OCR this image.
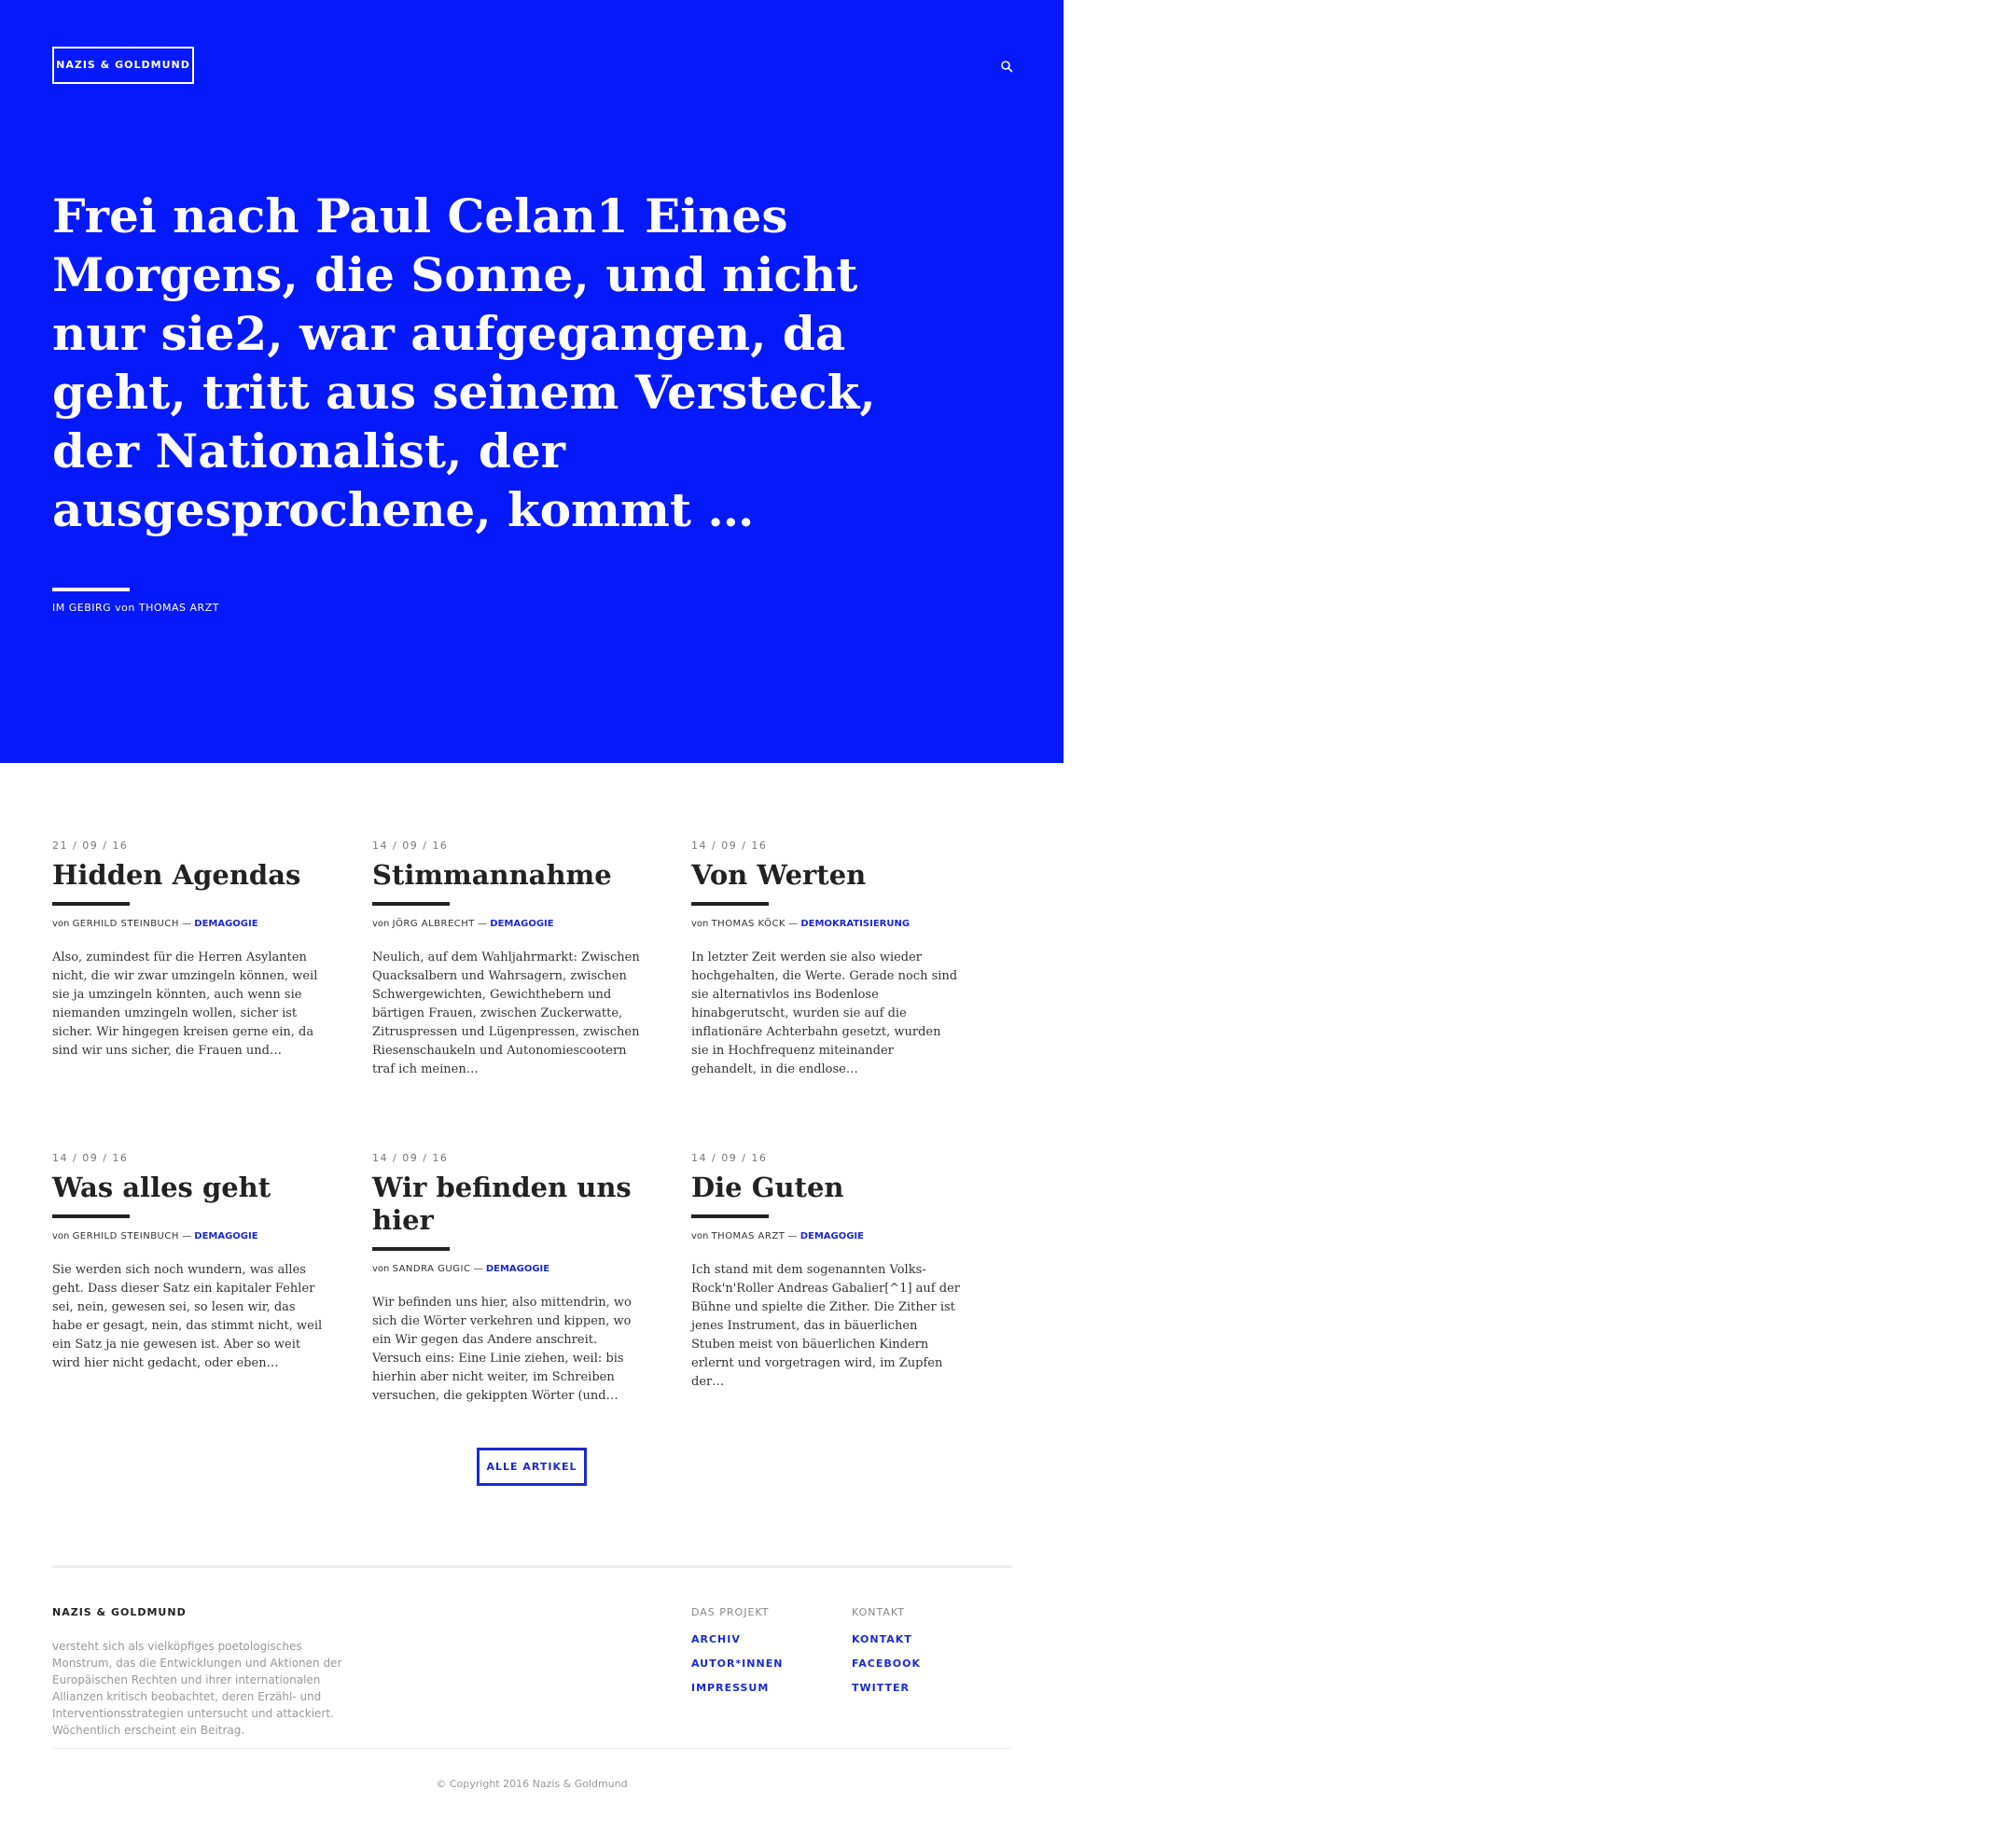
NAZIS & GOLDMUND	AKTUELLE BEITRÄGE
ÜBER UNS
Frei nach Paul Celan1 Eines Morgens, die Sonne, und nicht nur sie2, war aufgegangen, da geht, tritt aus seinem Versteck, der Nationalist, der ausgesprochene, kommt …
IM GEBIRG von THOMAS ARZT
21 / 09 / 16
Hidden Agendas
von GERHILD STEINBUCH — DEMAGOGIE

Also, zumindest für die Herren Asylanten nicht, die wir zwar umzingeln können, weil sie ja umzingeln könnten, auch wenn sie niemanden umzingeln wollen, sicher ist sicher. Wir hingegen kreisen gerne ein, da sind wir uns sicher, die Frauen und…

14 / 09 / 16
Stimmannahme
von JÖRG ALBRECHT — DEMAGOGIE

Neulich, auf dem Wahljahrmarkt: Zwischen Quacksalbern und Wahrsagern, zwischen Schwergewichten, Gewichthebern und bärtigen Frauen, zwischen Zuckerwatte, Zitruspressen und Lügenpressen, zwischen Riesenschaukeln und Autonomiescootern traf ich meinen…

14 / 09 / 16
Von Werten
von THOMAS KÖCK — DEMOKRATISIERUNG

In letzter Zeit werden sie also wieder hochgehalten, die Werte. Gerade noch sind sie alternativlos ins Bodenlose hinabgerutscht, wurden sie auf die inflationäre Achterbahn gesetzt, wurden sie in Hochfrequenz miteinander gehandelt, in die endlose…

14 / 09 / 16
Was alles geht
von GERHILD STEINBUCH — DEMAGOGIE

Sie werden sich noch wundern, was alles geht. Dass dieser Satz ein kapitaler Fehler sei, nein, gewesen sei, so lesen wir, das habe er gesagt, nein, das stimmt nicht, weil ein Satz ja nie gewesen ist. Aber so weit wird hier nicht gedacht, oder eben…

14 / 09 / 16
Wir befinden uns hier
von SANDRA GUGIC — DEMAGOGIE

Wir befinden uns hier, also mittendrin, wo sich die Wörter verkehren und kippen, wo ein Wir gegen das Andere anschreit. Versuch eins: Eine Linie ziehen, weil: bis hierhin aber nicht weiter, im Schreiben versuchen, die gekippten Wörter (und…

14 / 09 / 16
Die Guten
von THOMAS ARZT — DEMAGOGIE

Ich stand mit dem sogenannten Volks-Rock'n'Roller Andreas Gabalier[^1] auf der Bühne und spielte die Zither. Die Zither ist jenes Instrument, das in bäuerlichen Stuben meist von bäuerlichen Kindern erlernt und vorgetragen wird, im Zupfen der…

ALLE ARTIKEL
NAZIS & GOLDMUND

versteht sich als vielköpfiges poetologisches Monstrum, das die Entwicklungen und Aktionen der Europäischen Rechten und ihrer internationalen Allianzen kritisch beobachtet, deren Erzähl- und Interventionsstrategien untersucht und attackiert. Wöchentlich erscheint ein Beitrag.

DAS PROJEKT
ARCHIV
AUTOR*INNEN
IMPRESSUM
KONTAKT
KONTAKT
FACEBOOK
TWITTER
© Copyright 2016 Nazis & Goldmund
